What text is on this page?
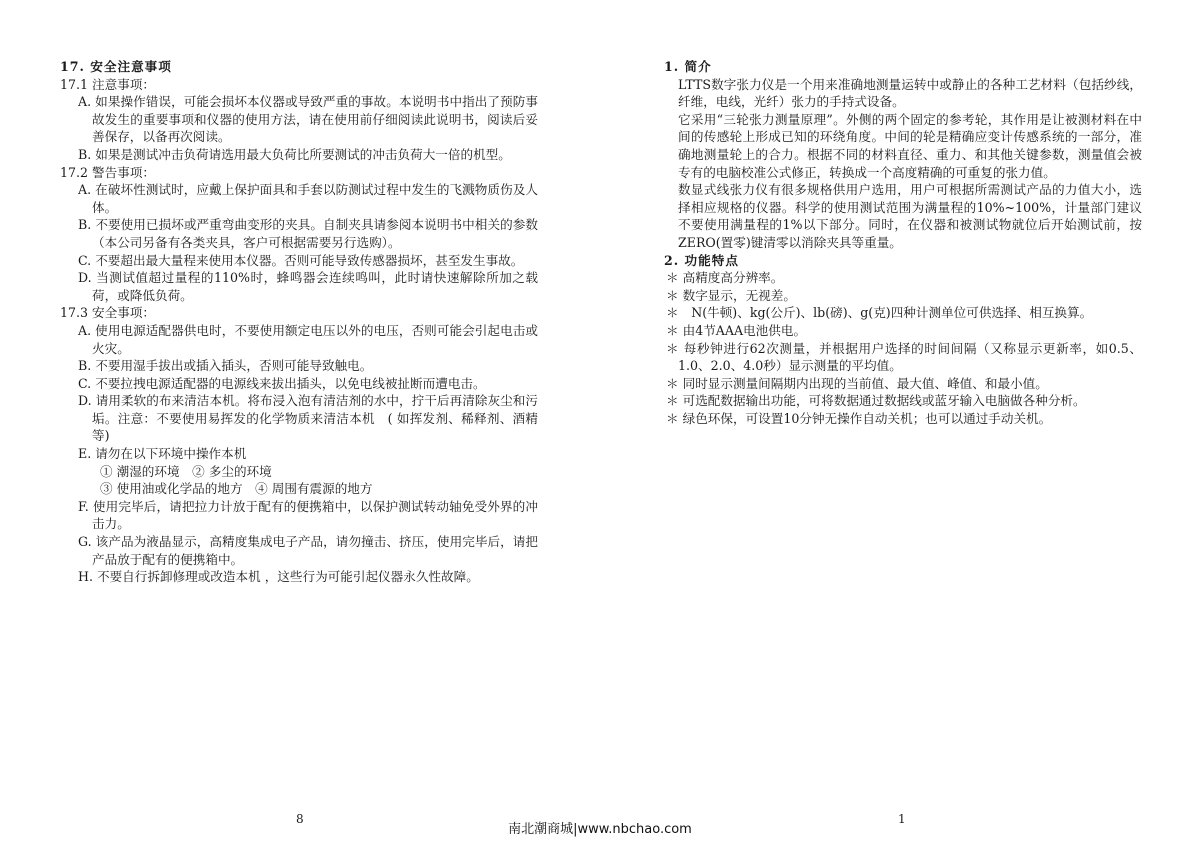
17. 安全注意事项
17.1 注意事项：
A. 如果操作错误，可能会损坏本仪器或导致严重的事故。本说明书中指出了预防事故发生的重要事项和仪器的使用方法，请在使用前仔细阅读此说明书，阅读后妥善保存，以备再次阅读。
B. 如果是测试冲击负荷请选用最大负荷比所要测试的冲击负荷大一倍的机型。
17.2 警告事项：
A. 在破坏性测试时，应戴上保护面具和手套以防测试过程中发生的飞溅物质伤及人体。
B. 不要使用已损坏或严重弯曲变形的夹具。自制夹具请参阅本说明书中相关的参数（本公司另备有各类夹具，客户可根据需要另行选购）。
C. 不要超出最大量程来使用本仪器。否则可能导致传感器损坏，甚至发生事故。
D. 当测试值超过量程的110%时，蜂鸣器会连续鸣叫，此时请快速解除所加之载荷，或降低负荷。
17.3 安全事项：
A. 使用电源适配器供电时，不要使用额定电压以外的电压，否则可能会引起电击或火灾。
B. 不要用湿手拔出或插入插头，否则可能导致触电。
C. 不要拉拽电源适配器的电源线来拔出插头，以免电线被扯断而遭电击。
D. 请用柔软的布来清洁本机。将布浸入泡有清洁剂的水中，拧干后再清除灰尘和污垢。注意：不要使用易挥发的化学物质来清洁本机　( 如挥发剂、稀释剂、酒精等)
E. 请勿在以下环境中操作本机
① 潮湿的环境　② 多尘的环境
③ 使用油或化学品的地方　④ 周围有震源的地方
F. 使用完毕后，请把拉力计放于配有的便携箱中，以保护测试转动轴免受外界的冲击力。
G. 该产品为液晶显示，高精度集成电子产品，请勿撞击、挤压，使用完毕后，请把产品放于配有的便携箱中。
H. 不要自行拆卸修理或改造本机 ，这些行为可能引起仪器永久性故障。
1. 简介
LTTS数字张力仪是一个用来准确地测量运转中或静止的各种工艺材料（包括纱线，纤维，电线，光纤）张力的手持式设备。
它采用“三轮张力测量原理”。外侧的两个固定的参考轮，其作用是让被测材料在中间的传感轮上形成已知的环绕角度。中间的轮是精确应变计传感系统的一部分，准确地测量轮上的合力。根据不同的材料直径、重力、和其他关键参数，测量值会被专有的电脑校准公式修正，转换成一个高度精确的可重复的张力值。
数显式线张力仪有很多规格供用户选用，用户可根据所需测试产品的力值大小，选择相应规格的仪器。科学的使用测试范围为满量程的10%~100%，计量部门建议不要使用满量程的1%以下部分。同时，在仪器和被测试物就位后开始测试前，按ZERO(置零)键清零以消除夹具等重量。
2. 功能特点
＊ 高精度高分辨率。
＊ 数字显示，无视差。
＊　N(牛顿)、kg(公斤)、lb(磅)、g(克)四种计测单位可供选择、相互换算。
＊ 由4节AAA电池供电。
＊ 每秒钟进行62次测量，并根据用户选择的时间间隔（又称显示更新率，如0.5、1.0、2.0、4.0秒）显示测量的平均值。
＊ 同时显示测量间隔期内出现的当前值、最大值、峰值、和最小值。
＊ 可选配数据输出功能，可将数据通过数据线或蓝牙输入电脑做各种分析。
＊ 绿色环保，可设置10分钟无操作自动关机；也可以通过手动关机。
8	1
南北潮商城|www.nbchao.com
